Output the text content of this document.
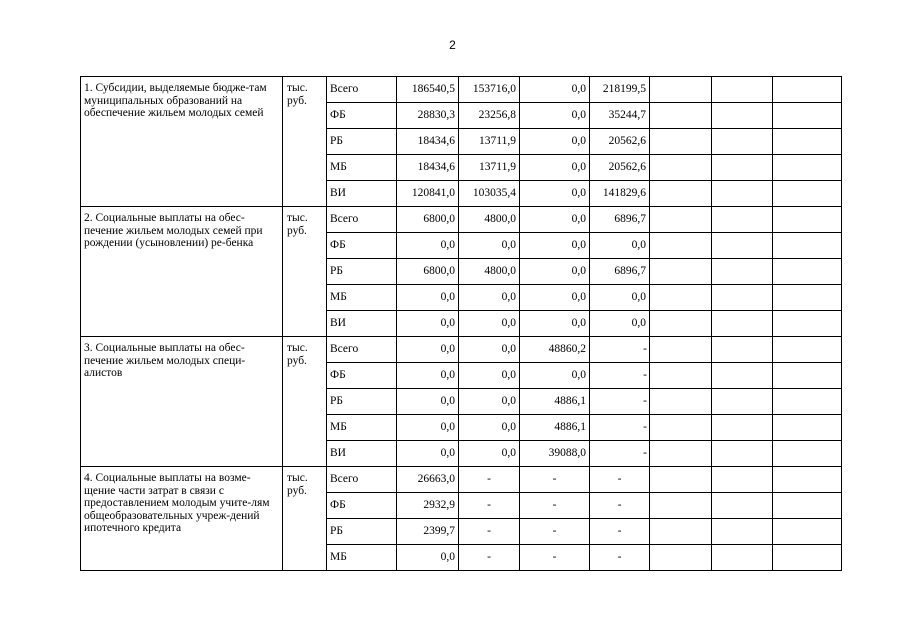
2
1. Субсидии, выделяемые бюдже-там муниципальных образований на обеспечение жильем молодых семей	тыс. руб.	Всего	186540,5	153716,0	0,0	218199,5			
		ФБ	28830,3	23256,8	0,0	35244,7			
		РБ	18434,6	13711,9	0,0	20562,6			
		МБ	18434,6	13711,9	0,0	20562,6			
		ВИ	120841,0	103035,4	0,0	141829,6			
2. Социальные выплаты на обес-печение жильем молодых семей при рождении (усыновлении) ре-бенка	тыс. руб.	Всего	6800,0	4800,0	0,0	6896,7			
		ФБ	0,0	0,0	0,0	0,0			
		РБ	6800,0	4800,0	0,0	6896,7			
		МБ	0,0	0,0	0,0	0,0			
		ВИ	0,0	0,0	0,0	0,0			
3. Социальные выплаты на обес-печение жильем молодых специ-алистов	тыс. руб.	Всего	0,0	0,0	48860,2	-			
		ФБ	0,0	0,0	0,0	-			
		РБ	0,0	0,0	4886,1	-			
		МБ	0,0	0,0	4886,1	-			
		ВИ	0,0	0,0	39088,0	-			
4. Социальные выплаты на возме-щение части затрат в связи с предоставлением молодым учите-лям общеобразовательных учреж-дений ипотечного кредита	тыс. руб.	Всего	26663,0	-	-	-			
		ФБ	2932,9	-	-	-			
		РБ	2399,7	-	-	-			
		МБ	0,0	-	-	-			
